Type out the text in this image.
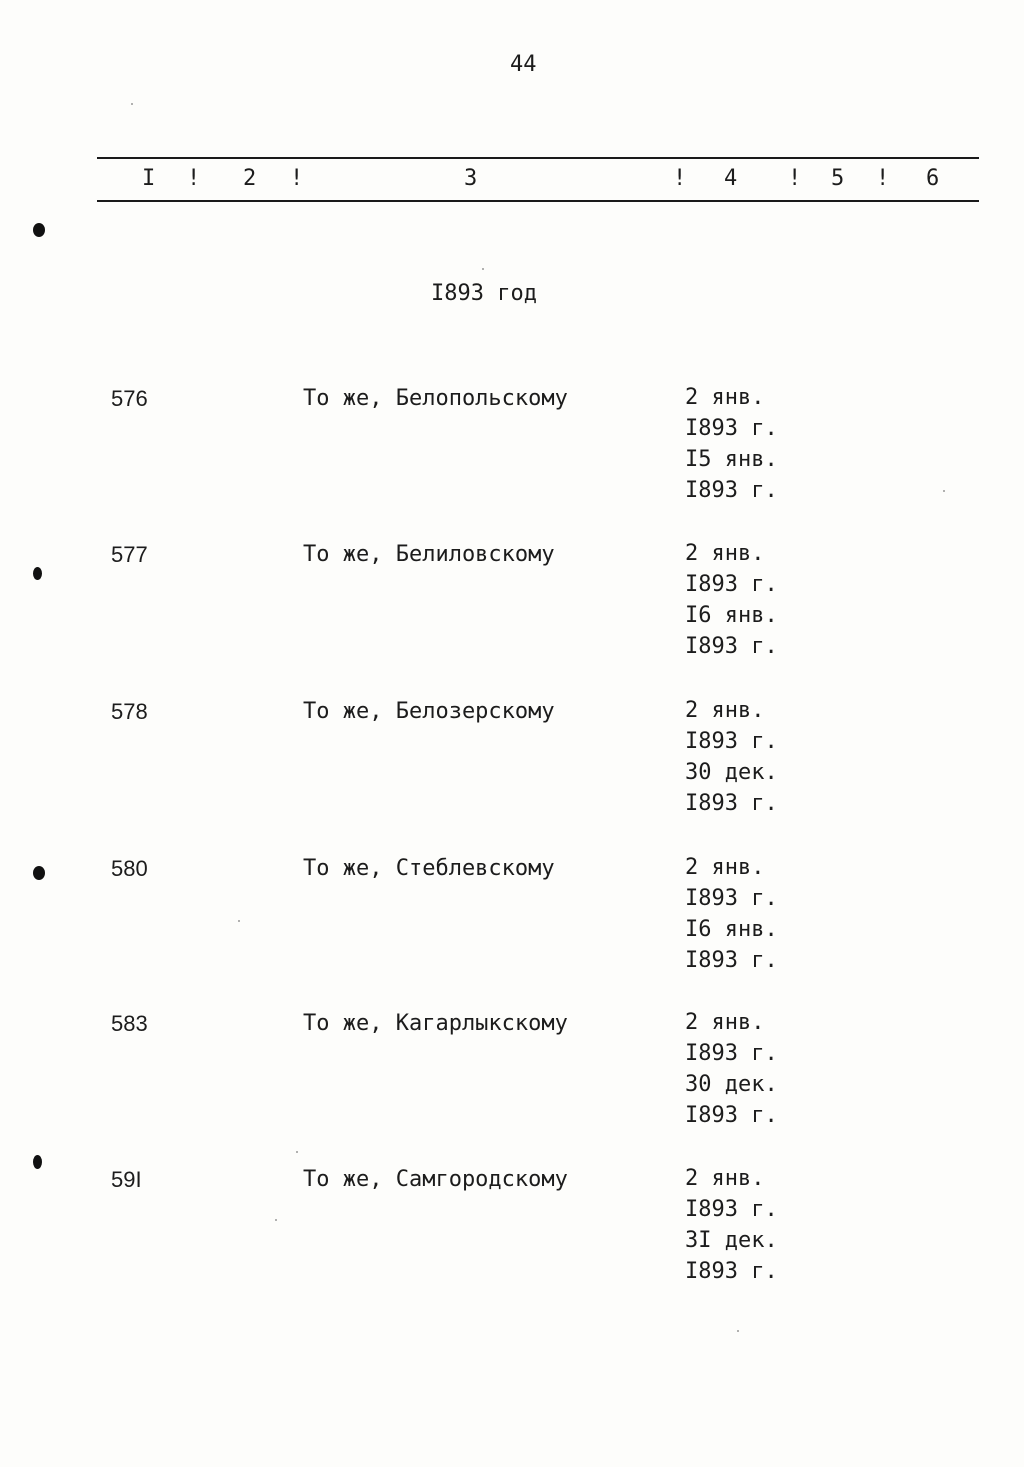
44
I ! 2 !	3	! 4 ! 5 ! 6
I893 год
576	То же, Белопольскому	2 янв.
I893 г.
I5 янв.
I893 г.
577	То же, Белиловскому	2 янв.
I893 г.
I6 янв.
I893 г.
578	То же, Белозерскому	2 янв.
I893 г.
30 дек.
I893 г.
580	То же, Стеблевскому	2 янв.
I893 г.
I6 янв.
I893 г.
583	То же, Кагарлыкскому	2 янв.
I893 г.
30 дек.
I893 г.
59I	То же, Самгородскому	2 янв.
I893 г.
3I дек.
I893 г.
